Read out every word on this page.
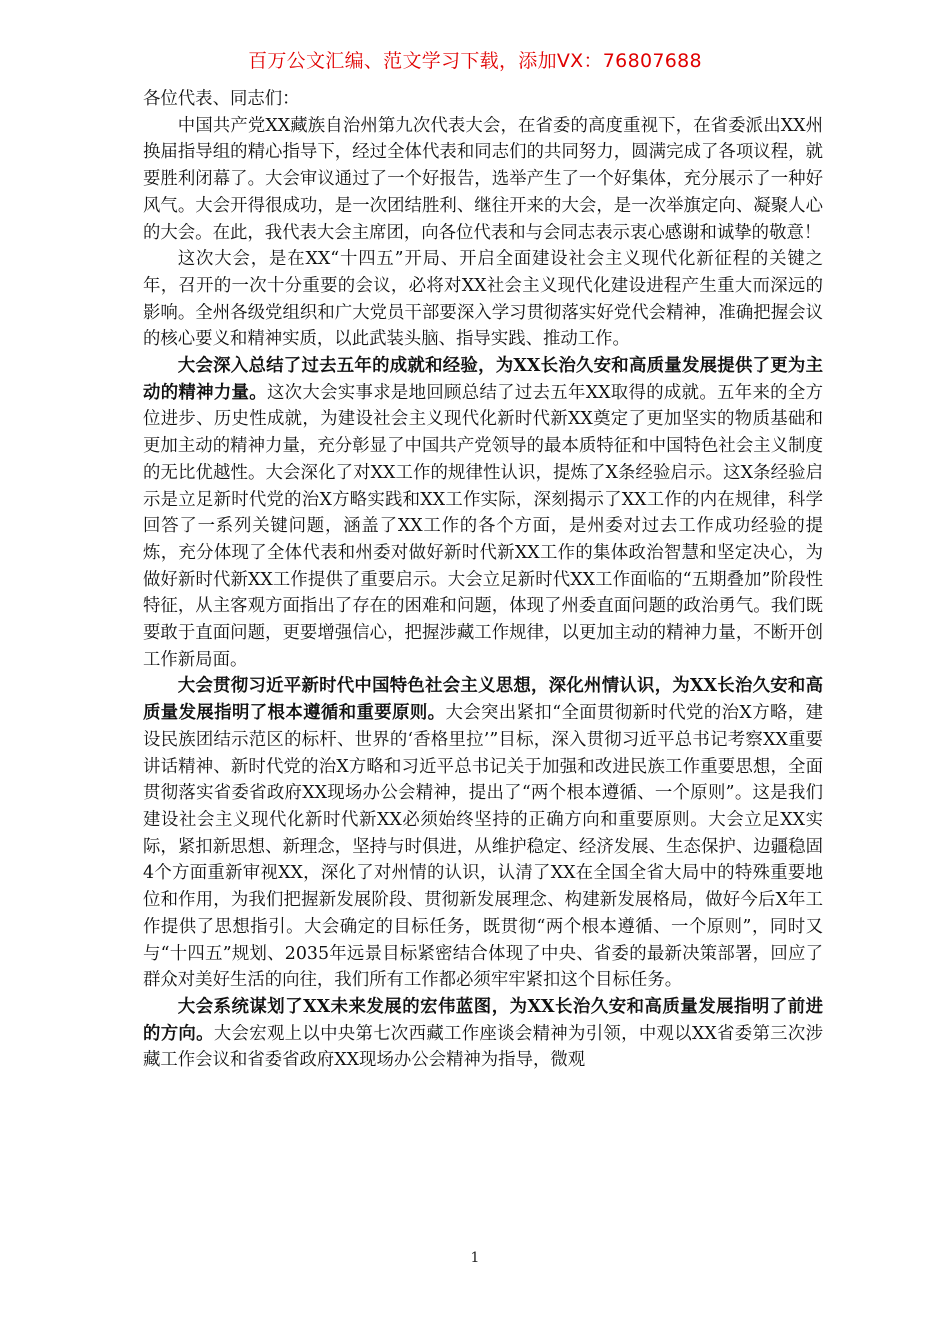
百万公文汇编、范文学习下载，添加VX：76807688

各位代表、同志们：

中国共产党XX藏族自治州第九次代表大会，在省委的高度重视下，在省委派出XX州换届指导组的精心指导下，经过全体代表和同志们的共同努力，圆满完成了各项议程，就要胜利闭幕了。大会审议通过了一个好报告，选举产生了一个好集体，充分展示了一种好风气。大会开得很成功，是一次团结胜利、继往开来的大会，是一次举旗定向、凝聚人心的大会。在此，我代表大会主席团，向各位代表和与会同志表示衷心感谢和诚挚的敬意！

这次大会，是在XX“十四五”开局、开启全面建设社会主义现代化新征程的关键之年，召开的一次十分重要的会议，必将对XX社会主义现代化建设进程产生重大而深远的影响。全州各级党组织和广大党员干部要深入学习贯彻落实好党代会精神，准确把握会议的核心要义和精神实质，以此武装头脑、指导实践、推动工作。

大会深入总结了过去五年的成就和经验，为XX长治久安和高质量发展提供了更为主动的精神力量。这次大会实事求是地回顾总结了过去五年XX取得的成就。五年来的全方位进步、历史性成就，为建设社会主义现代化新时代新XX奠定了更加坚实的物质基础和更加主动的精神力量，充分彰显了中国共产党领导的最本质特征和中国特色社会主义制度的无比优越性。大会深化了对XX工作的规律性认识，提炼了X条经验启示。这X条经验启示是立足新时代党的治X方略实践和XX工作实际，深刻揭示了XX工作的内在规律，科学回答了一系列关键问题，涵盖了XX工作的各个方面，是州委对过去工作成功经验的提炼，充分体现了全体代表和州委对做好新时代新XX工作的集体政治智慧和坚定决心，为做好新时代新XX工作提供了重要启示。大会立足新时代XX工作面临的“五期叠加”阶段性特征，从主客观方面指出了存在的困难和问题，体现了州委直面问题的政治勇气。我们既要敢于直面问题，更要增强信心，把握涉藏工作规律，以更加主动的精神力量，不断开创工作新局面。

大会贯彻习近平新时代中国特色社会主义思想，深化州情认识，为XX长治久安和高质量发展指明了根本遵循和重要原则。大会突出紧扣“全面贯彻新时代党的治X方略，建设民族团结示范区的标杆、世界的‘香格里拉’”目标，深入贯彻习近平总书记考察XX重要讲话精神、新时代党的治X方略和习近平总书记关于加强和改进民族工作重要思想，全面贯彻落实省委省政府XX现场办公会精神，提出了“两个根本遵循、一个原则”。这是我们建设社会主义现代化新时代新XX必须始终坚持的正确方向和重要原则。大会立足XX实际，紧扣新思想、新理念，坚持与时俱进，从维护稳定、经济发展、生态保护、边疆稳固4个方面重新审视XX，深化了对州情的认识，认清了XX在全国全省大局中的特殊重要地位和作用，为我们把握新发展阶段、贯彻新发展理念、构建新发展格局，做好今后X年工作提供了思想指引。大会确定的目标任务，既贯彻“两个根本遵循、一个原则”，同时又与“十四五”规划、2035年远景目标紧密结合体现了中央、省委的最新决策部署，回应了群众对美好生活的向往，我们所有工作都必须牢牢紧扣这个目标任务。

大会系统谋划了XX未来发展的宏伟蓝图，为XX长治久安和高质量发展指明了前进的方向。大会宏观上以中央第七次西藏工作座谈会精神为引领，中观以XX省委第三次涉藏工作会议和省委省政府XX现场办公会精神为指导，微观

1
